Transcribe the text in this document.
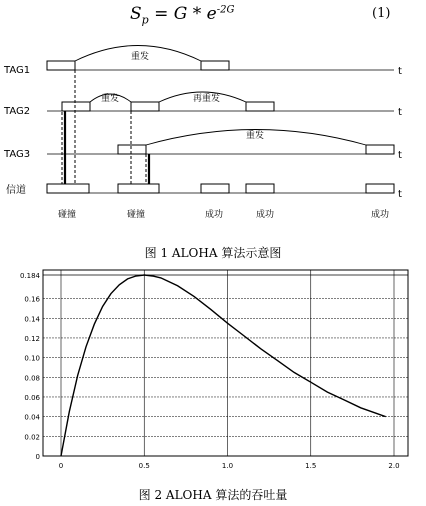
$S_p = G * e^{-2G}$	(1)
TAG1
TAG2
TAG3
信道
t
t
t
t
重发
重发	再重发
重发
碰撞	碰撞	成功	成功	成功
图 1 ALOHA 算法示意图
0
0.02
0.04
0.06
0.08
0.10
0.12
0.14
0.16
0.184
0	0.5	1.0	1.5	2.0
图 2 ALOHA 算法的吞吐量
